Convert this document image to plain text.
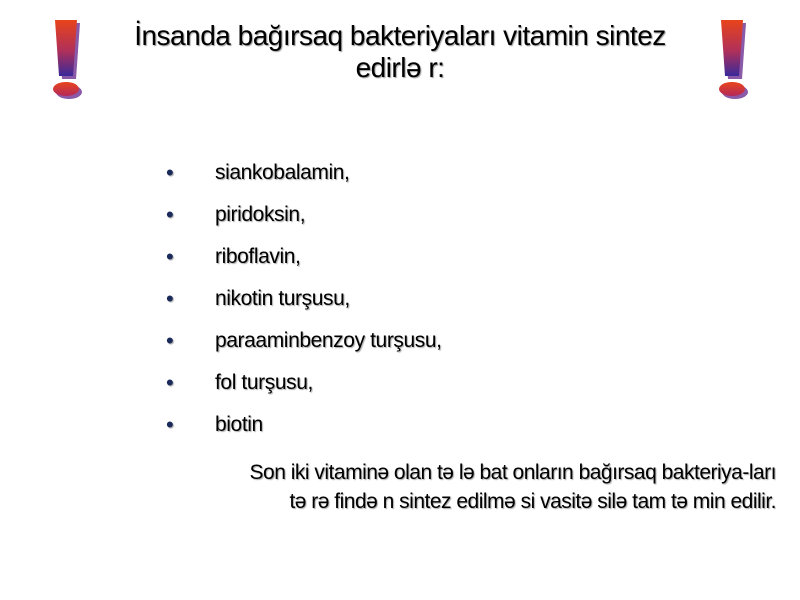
İnsanda bağırsaq bakteriyaları vitamin sintez
edirlə r:
• siankobalamin,
• piridoksin,
• riboflavin,
• nikotin turşusu,
• paraaminbenzoy turşusu,
• fol turşusu,
• biotin

Son iki vitaminə olan tə lə bat onların bağırsaq bakteriya-ları
tə rə fində n sintez edilmə si vasitə silə tam tə min edilir.
